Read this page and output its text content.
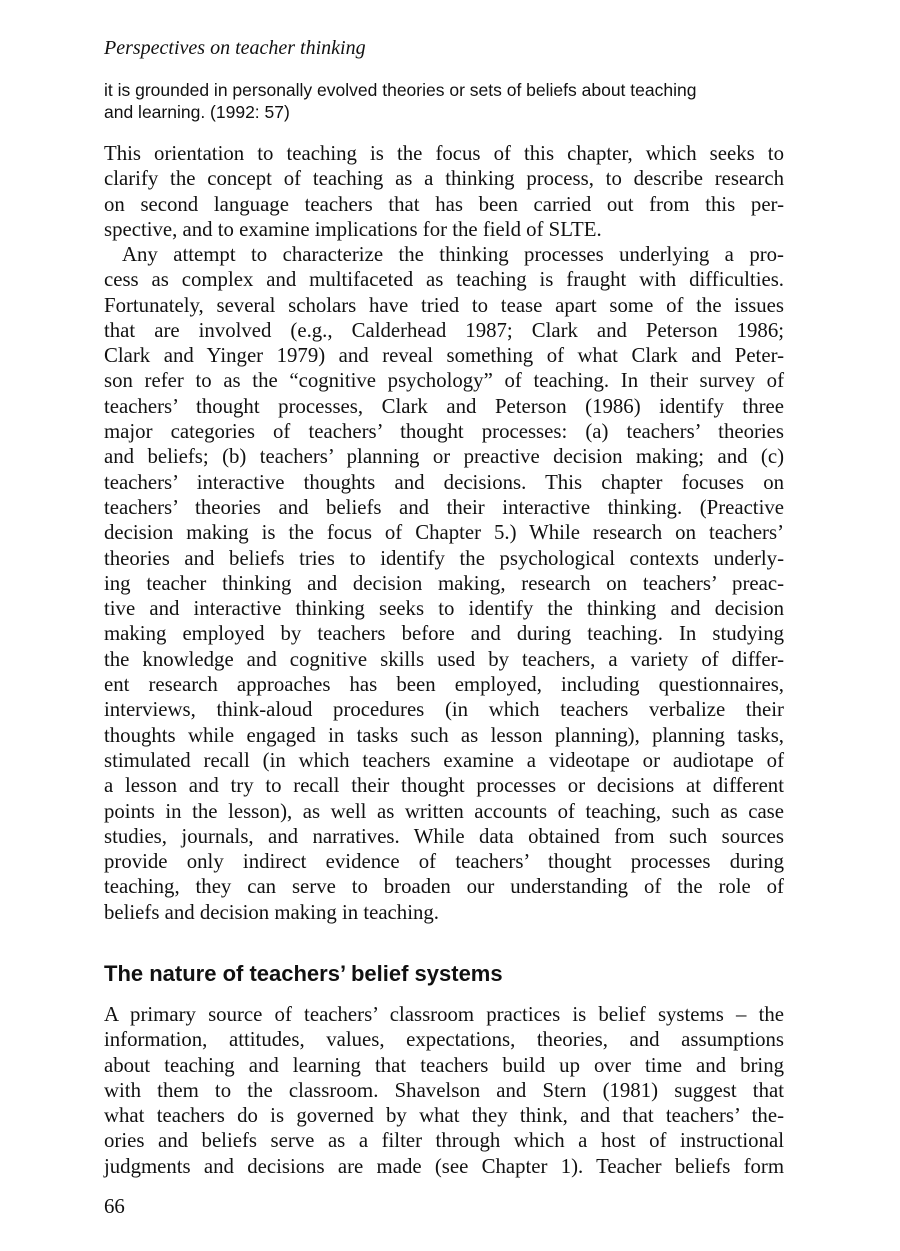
Perspectives on teacher thinking
it is grounded in personally evolved theories or sets of beliefs about teaching
and learning. (1992: 57)
This orientation to teaching is the focus of this chapter, which seeks to
clarify the concept of teaching as a thinking process, to describe research
on second language teachers that has been carried out from this per-
spective, and to examine implications for the field of SLTE.
Any attempt to characterize the thinking processes underlying a pro-
cess as complex and multifaceted as teaching is fraught with difficulties.
Fortunately, several scholars have tried to tease apart some of the issues
that are involved (e.g., Calderhead 1987; Clark and Peterson 1986;
Clark and Yinger 1979) and reveal something of what Clark and Peter-
son refer to as the “cognitive psychology” of teaching. In their survey of
teachers’ thought processes, Clark and Peterson (1986) identify three
major categories of teachers’ thought processes: (a) teachers’ theories
and beliefs; (b) teachers’ planning or preactive decision making; and (c)
teachers’ interactive thoughts and decisions. This chapter focuses on
teachers’ theories and beliefs and their interactive thinking. (Preactive
decision making is the focus of Chapter 5.) While research on teachers’
theories and beliefs tries to identify the psychological contexts underly-
ing teacher thinking and decision making, research on teachers’ preac-
tive and interactive thinking seeks to identify the thinking and decision
making employed by teachers before and during teaching. In studying
the knowledge and cognitive skills used by teachers, a variety of differ-
ent research approaches has been employed, including questionnaires,
interviews, think-aloud procedures (in which teachers verbalize their
thoughts while engaged in tasks such as lesson planning), planning tasks,
stimulated recall (in which teachers examine a videotape or audiotape of
a lesson and try to recall their thought processes or decisions at different
points in the lesson), as well as written accounts of teaching, such as case
studies, journals, and narratives. While data obtained from such sources
provide only indirect evidence of teachers’ thought processes during
teaching, they can serve to broaden our understanding of the role of
beliefs and decision making in teaching.
The nature of teachers’ belief systems
A primary source of teachers’ classroom practices is belief systems – the
information, attitudes, values, expectations, theories, and assumptions
about teaching and learning that teachers build up over time and bring
with them to the classroom. Shavelson and Stern (1981) suggest that
what teachers do is governed by what they think, and that teachers’ the-
ories and beliefs serve as a filter through which a host of instructional
judgments and decisions are made (see Chapter 1). Teacher beliefs form
66
